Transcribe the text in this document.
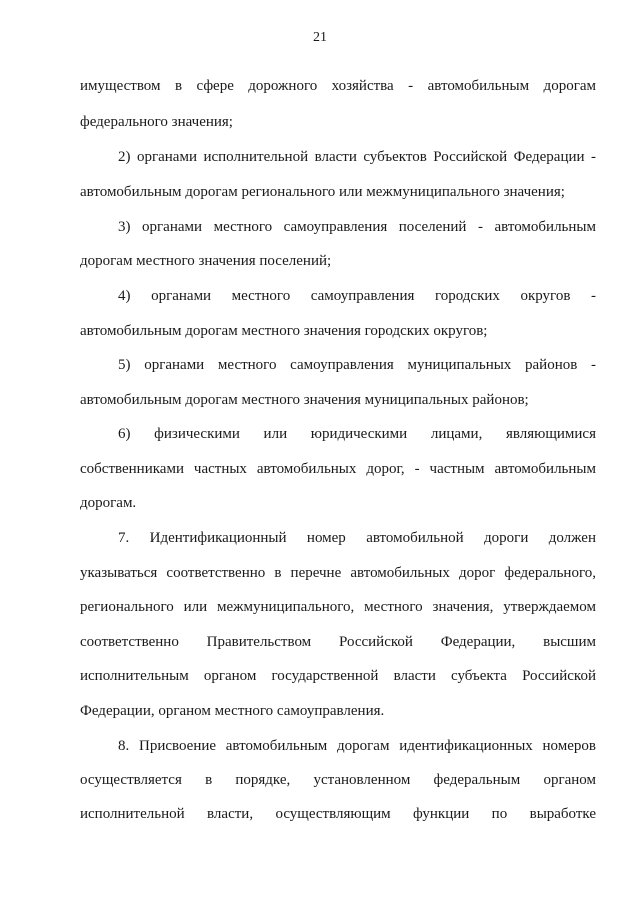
21
имуществом в сфере дорожного хозяйства - автомобильным дорогам
федерального значения;
2) органами исполнительной власти субъектов Российской Федерации -
автомобильным дорогам регионального или межмуниципального значения;
3) органами местного самоуправления поселений - автомобильным
дорогам местного значения поселений;
4) органами местного самоуправления городских округов -
автомобильным дорогам местного значения городских округов;
5) органами местного самоуправления муниципальных районов -
автомобильным дорогам местного значения муниципальных районов;
6) физическими или юридическими лицами, являющимися
собственниками частных автомобильных дорог, - частным автомобильным
дорогам.
7. Идентификационный номер автомобильной дороги должен
указываться соответственно в перечне автомобильных дорог федерального,
регионального или межмуниципального, местного значения, утверждаемом
соответственно Правительством Российской Федерации, высшим
исполнительным органом государственной власти субъекта Российской
Федерации, органом местного самоуправления.
8. Присвоение автомобильным дорогам идентификационных номеров
осуществляется в порядке, установленном федеральным органом
исполнительной власти, осуществляющим функции по выработке
